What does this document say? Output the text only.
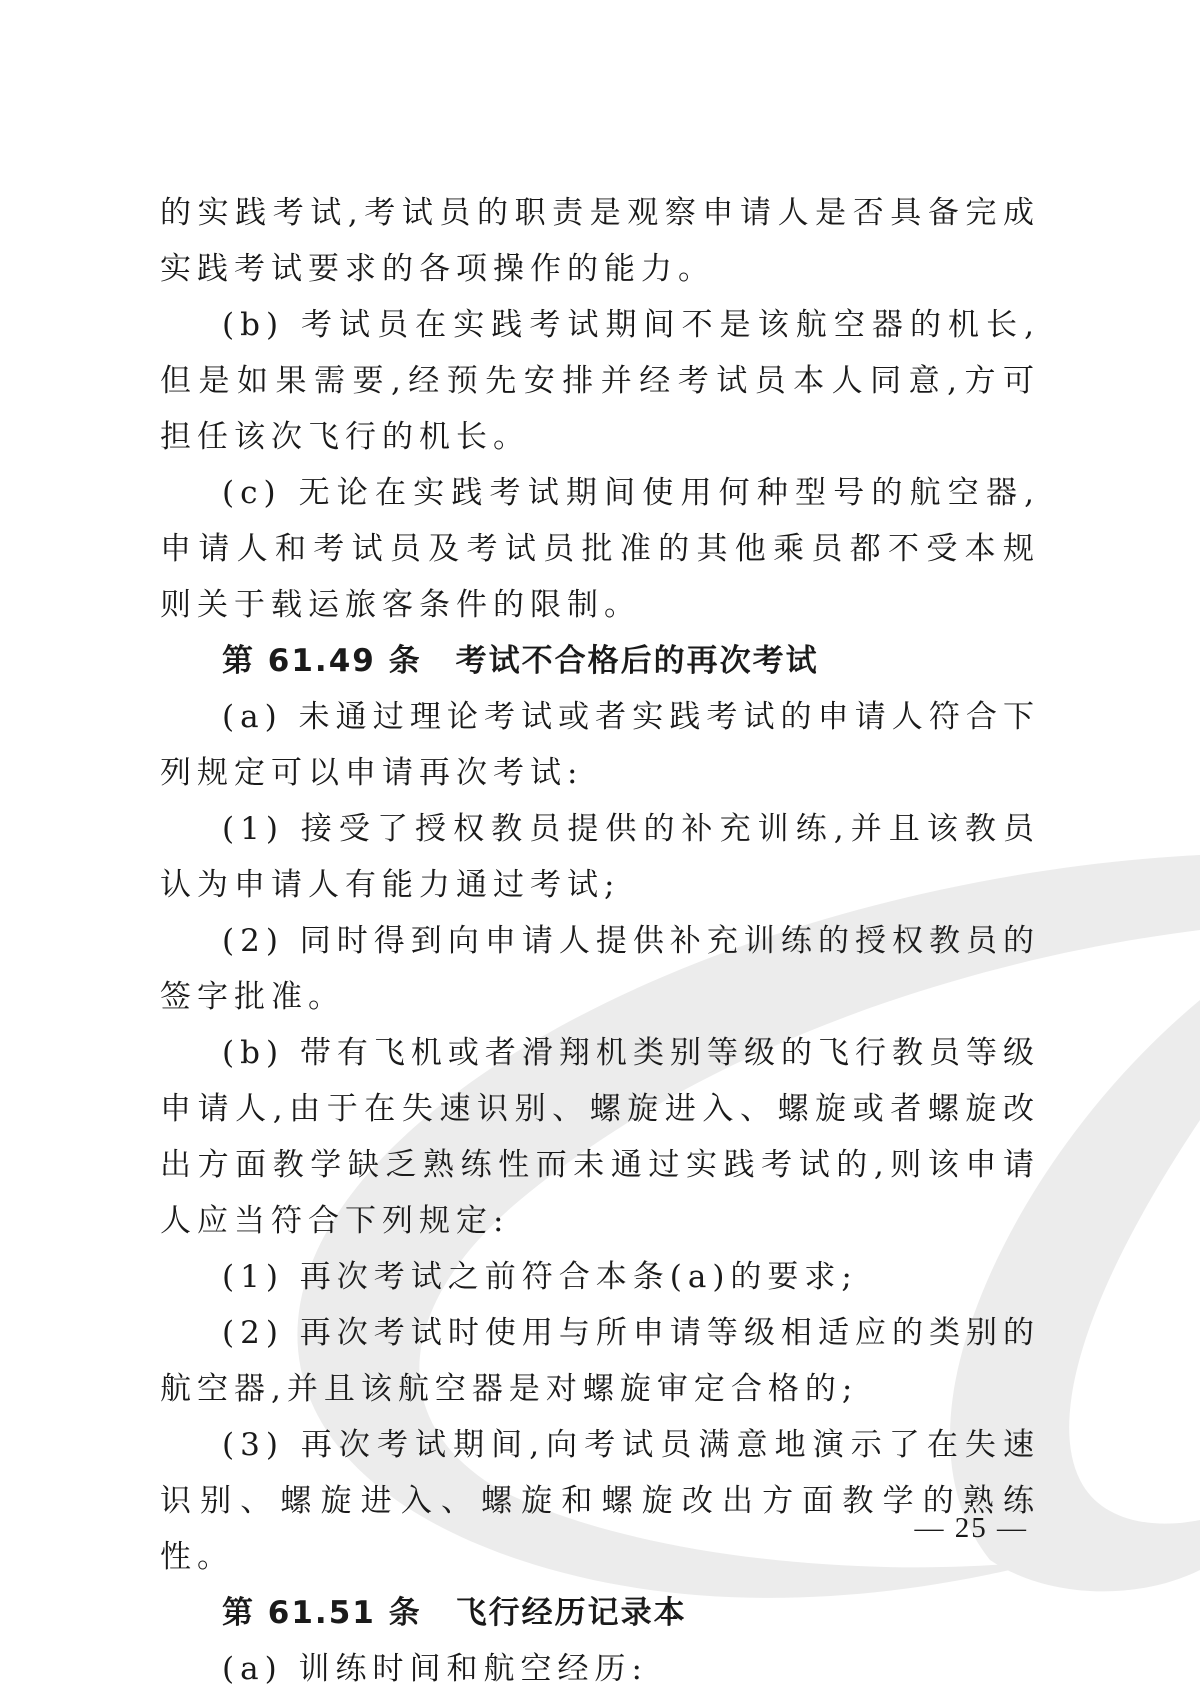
的实践考试,考试员的职责是观察申请人是否具备完成实践考试要求的各项操作的能力。

(b) 考试员在实践考试期间不是该航空器的机长,但是如果需要,经预先安排并经考试员本人同意,方可担任该次飞行的机长。

(c) 无论在实践考试期间使用何种型号的航空器,申请人和考试员及考试员批准的其他乘员都不受本规则关于载运旅客条件的限制。

第 61.49 条 考试不合格后的再次考试

(a) 未通过理论考试或者实践考试的申请人符合下列规定可以申请再次考试:

(1) 接受了授权教员提供的补充训练,并且该教员认为申请人有能力通过考试;

(2) 同时得到向申请人提供补充训练的授权教员的签字批准。

(b) 带有飞机或者滑翔机类别等级的飞行教员等级申请人,由于在失速识别、螺旋进入、螺旋或者螺旋改出方面教学缺乏熟练性而未通过实践考试的,则该申请人应当符合下列规定:

(1) 再次考试之前符合本条(a)的要求;

(2) 再次考试时使用与所申请等级相适应的类别的航空器,并且该航空器是对螺旋审定合格的;

(3) 再次考试期间,向考试员满意地演示了在失速识别、螺旋进入、螺旋和螺旋改出方面教学的熟练性。

第 61.51 条 飞行经历记录本

(a) 训练时间和航空经历:

— 25 —
